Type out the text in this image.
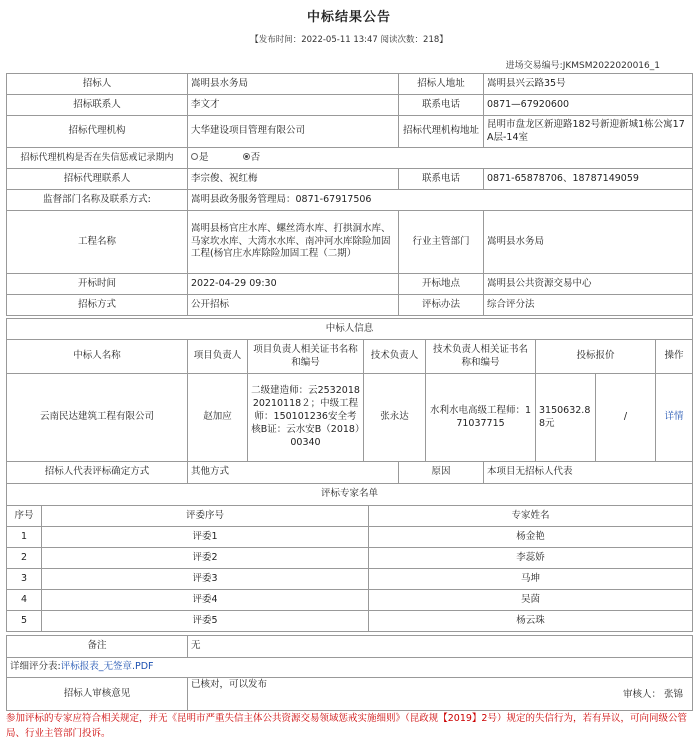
中标结果公告
【发布时间：2022-05-11 13:47 阅读次数：218】
进场交易编号:JKMSM2022020016_1
招标人	嵩明县水务局	招标人地址	嵩明县兴云路35号
招标联系人	李文才	联系电话	0871—67920600
招标代理机构	大华建设项目管理有限公司	招标代理机构地址	昆明市盘龙区新迎路182号新迎新城1栋公寓17A层-14室
招标代理机构是否在失信惩戒记录期内	是 否		
招标代理联系人	李宗俊、祝红梅	联系电话	0871-65878706、18787149059
监督部门名称及联系方式:	嵩明县政务服务管理局：0871-67917506		
工程名称	嵩明县杨官庄水库、螺丝湾水库、打拱洞水库、马家坎水库、大湾水水库、南冲河水库除险加固工程(杨官庄水库除险加固工程（二期）	行业主管部门	嵩明县水务局
开标时间	2022-04-29 09:30	开标地点	嵩明县公共资源交易中心
招标方式	公开招标	评标办法	综合评分法
中标人信息							
中标人名称	项目负责人	项目负责人相关证书名称和编号	技术负责人	技术负责人相关证书名称和编号	投标报价		操作
云南民达建筑工程有限公司	赵加应	二级建造师：云253201820210118２；中级工程师：150101236安全考核B证：云水安B（2018）00340	张永达	水利水电高级工程师：171037715	3150632.88元	/	详情
招标人代表评标确定方式	其他方式	原因	本项目无招标人代表
评标专家名单		
序号	评委序号	专家姓名
1	评委1	杨金艳
2	评委2	李蕊娇
3	评委3	马坤
4	评委4	吴茵
5	评委5	杨云珠
备注	无
详细评分表:评标报表_无签章.PDF	
招标人审核意见	已核对，可以发布
审核人： 张锦
参加评标的专家应符合相关规定，并无《昆明市严重失信主体公共资源交易领域惩戒实施细则》（昆政规【2019】2号）规定的失信行为，若有异议，可向同级公管局、行业主管部门投诉。
